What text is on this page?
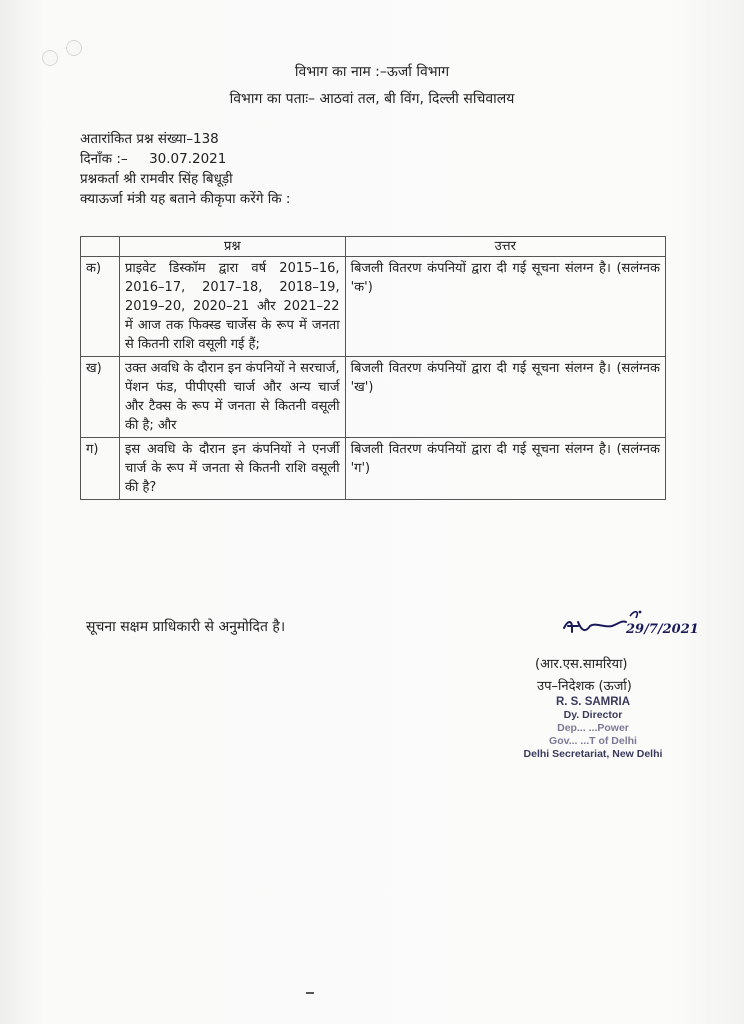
विभाग का नाम :–ऊर्जा विभाग
विभाग का पताः– आठवां तल, बी विंग, दिल्ली सचिवालय
अतारांकित प्रश्न संख्या–138
दिनाँक :–     30.07.2021
प्रश्नकर्ता श्री रामवीर सिंह बिधूड़ी
क्याऊर्जा मंत्री यह बताने कीकृपा करेंगे कि :
	प्रश्न	उत्तर
क)	प्राइवेट डिस्कॉम द्वारा वर्ष 2015–16, 2016–17, 2017–18, 2018–19, 2019–20, 2020–21 और 2021–22 में आज तक फिक्स्ड चार्जेस के रूप में जनता से कितनी राशि वसूली गई हैं;	बिजली वितरण कंपनियों द्वारा दी गई सूचना संलग्न है। (सलंग्नक 'क')
ख)	उक्त अवधि के दौरान इन कंपनियों ने सरचार्ज, पेंशन फंड, पीपीएसी चार्ज और अन्य चार्ज और टैक्स के रूप में जनता से कितनी वसूली की है; और	बिजली वितरण कंपनियों द्वारा दी गई सूचना संलग्न है। (सलंग्नक 'ख')
ग)	इस अवधि के दौरान इन कंपनियों ने एनर्जी चार्ज के रूप में जनता से कितनी राशि वसूली की है?	बिजली वितरण कंपनियों द्वारा दी गई सूचना संलग्न है। (सलंग्नक 'ग')
सूचना सक्षम प्राधिकारी से अनुमोदित है।	29/7/2021
(आर.एस.सामरिया)
उप–निदेशक (ऊर्जा)
R. S. SAMRIA
Dy. Director
Dep... ...Power
Gov... ...T of Delhi
Delhi Secretariat, New Delhi
